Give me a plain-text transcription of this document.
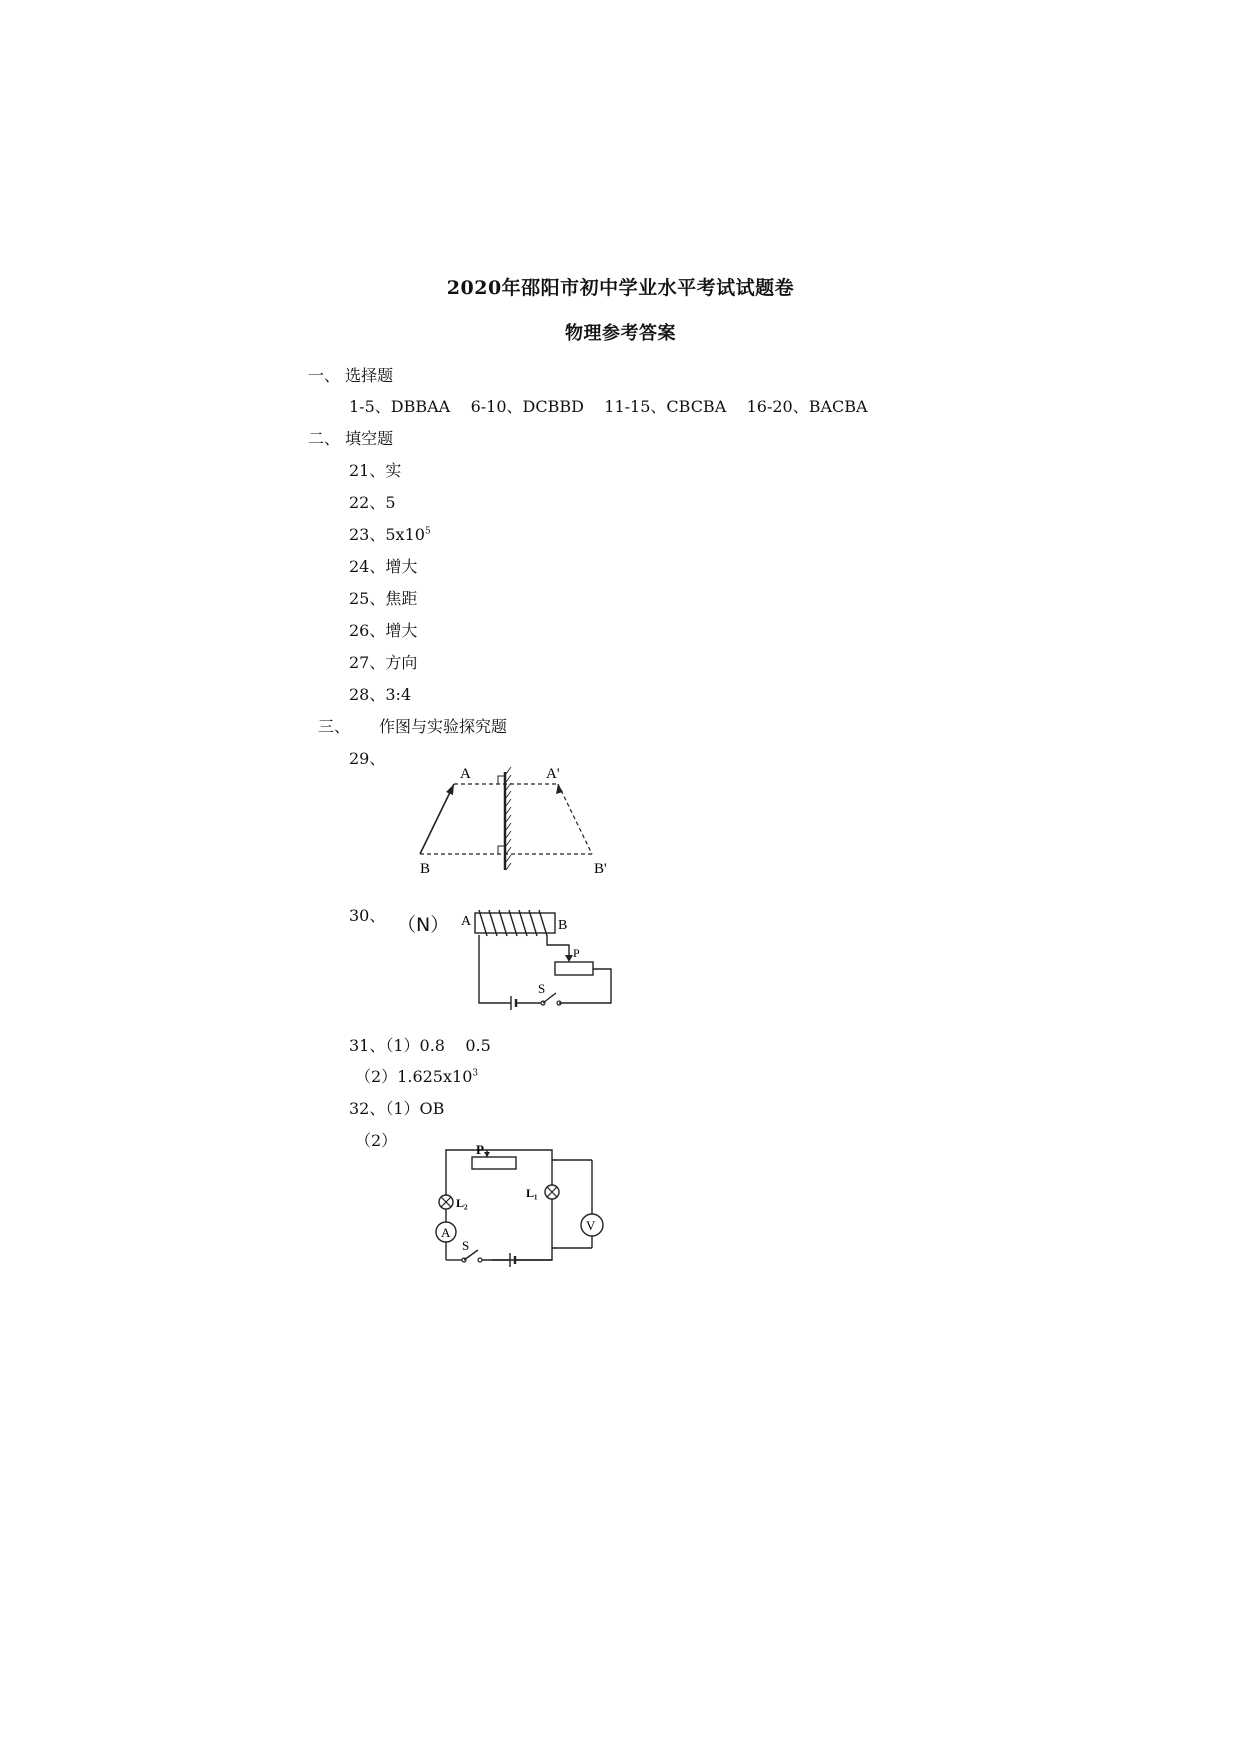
2020年邵阳市初中学业水平考试试题卷
物理参考答案
一、 选择题
1-5、DBBAA    6-10、DCBBD    11-15、CBCBA    16-20、BACBA
二、 填空题
21、实
22、5
23、$5x10^5$
24、增大
25、焦距
26、增大
27、方向
28、3:4
三、 作图与实验探究题
29、
A	A'
B	B'
30、 （N） A	B
P
S
31、（1）0.8    0.5
$(2)1.625x10^3$
32、（1）OB
（2）	P
V
L₁
L₂
A
S
